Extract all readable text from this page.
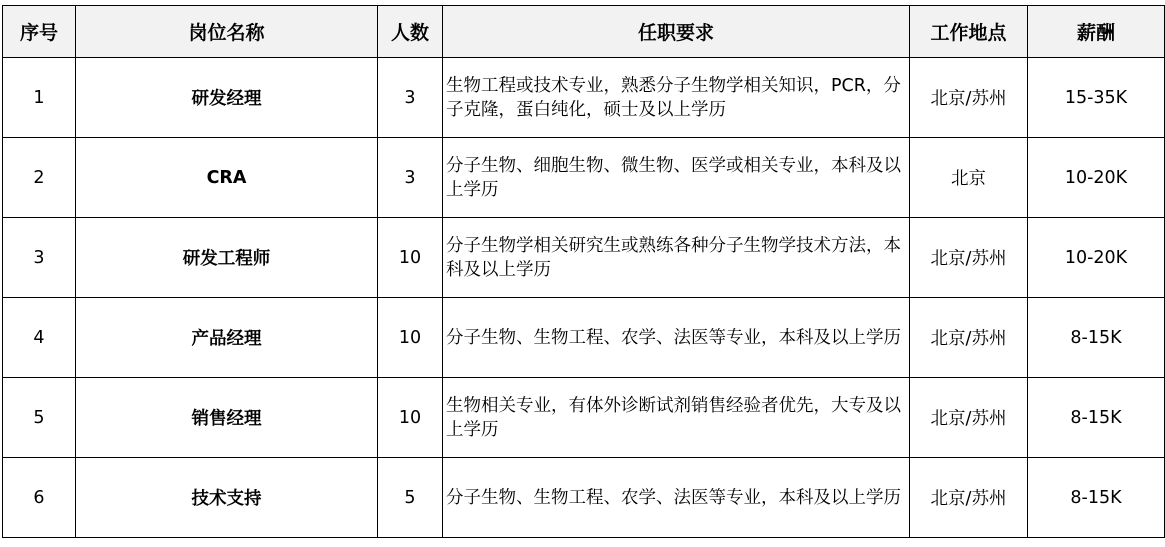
序号	岗位名称	人数	任职要求	工作地点	薪酬
1	研发经理	3	生物工程或技术专业，熟悉分子生物学相关知识，PCR，分子克隆，蛋白纯化，硕士及以上学历	北京/苏州	15-35K
2	CRA	3	分子生物、细胞生物、微生物、医学或相关专业，本科及以上学历	北京	10-20K
3	研发工程师	10	分子生物学相关研究生或熟练各种分子生物学技术方法，本科及以上学历	北京/苏州	10-20K
4	产品经理	10	分子生物、生物工程、农学、法医等专业，本科及以上学历	北京/苏州	8-15K
5	销售经理	10	生物相关专业，有体外诊断试剂销售经验者优先，大专及以上学历	北京/苏州	8-15K
6	技术支持	5	分子生物、生物工程、农学、法医等专业，本科及以上学历	北京/苏州	8-15K
